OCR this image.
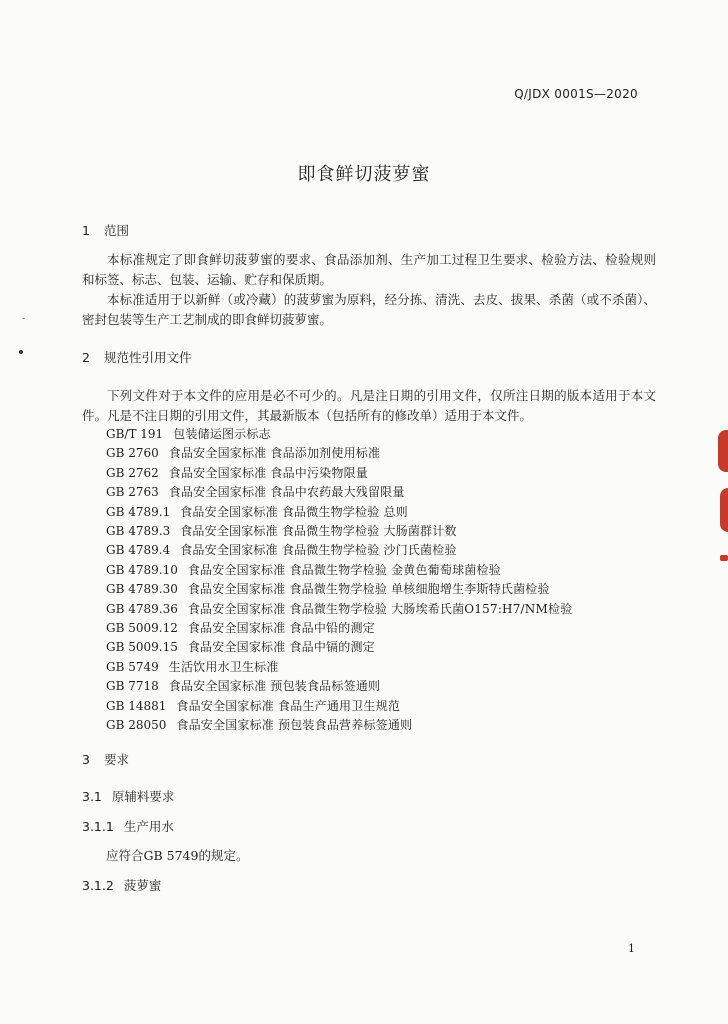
Q/JDX 0001S—2020
即食鲜切菠萝蜜
1 范围

本标准规定了即食鲜切菠萝蜜的要求、食品添加剂、生产加工过程卫生要求、检验方法、检验规则和标签、标志、包装、运输、贮存和保质期。

本标准适用于以新鲜（或冷藏）的菠萝蜜为原料，经分拣、清洗、去皮、拔果、杀菌（或不杀菌）、密封包装等生产工艺制成的即食鲜切菠萝蜜。

2 规范性引用文件

下列文件对于本文件的应用是必不可少的。凡是注日期的引用文件，仅所注日期的版本适用于本文件。凡是不注日期的引用文件，其最新版本（包括所有的修改单）适用于本文件。

GB/T 191 包装储运图示标志
GB 2760 食品安全国家标准 食品添加剂使用标准
GB 2762 食品安全国家标准 食品中污染物限量
GB 2763 食品安全国家标准 食品中农药最大残留限量
GB 4789.1 食品安全国家标准 食品微生物学检验 总则
GB 4789.3 食品安全国家标准 食品微生物学检验 大肠菌群计数
GB 4789.4 食品安全国家标准 食品微生物学检验 沙门氏菌检验
GB 4789.10 食品安全国家标准 食品微生物学检验 金黄色葡萄球菌检验
GB 4789.30 食品安全国家标准 食品微生物学检验 单核细胞增生李斯特氏菌检验
GB 4789.36 食品安全国家标准 食品微生物学检验 大肠埃希氏菌O157:H7/NM检验
GB 5009.12 食品安全国家标准 食品中铅的测定
GB 5009.15 食品安全国家标准 食品中镉的测定
GB 5749 生活饮用水卫生标准
GB 7718 食品安全国家标准 预包装食品标签通则
GB 14881 食品安全国家标准 食品生产通用卫生规范
GB 28050 食品安全国家标准 预包装食品营养标签通则
3 要求
3.1 原辅料要求
3.1.1 生产用水
应符合GB 5749的规定。
3.1.2 菠萝蜜
1
